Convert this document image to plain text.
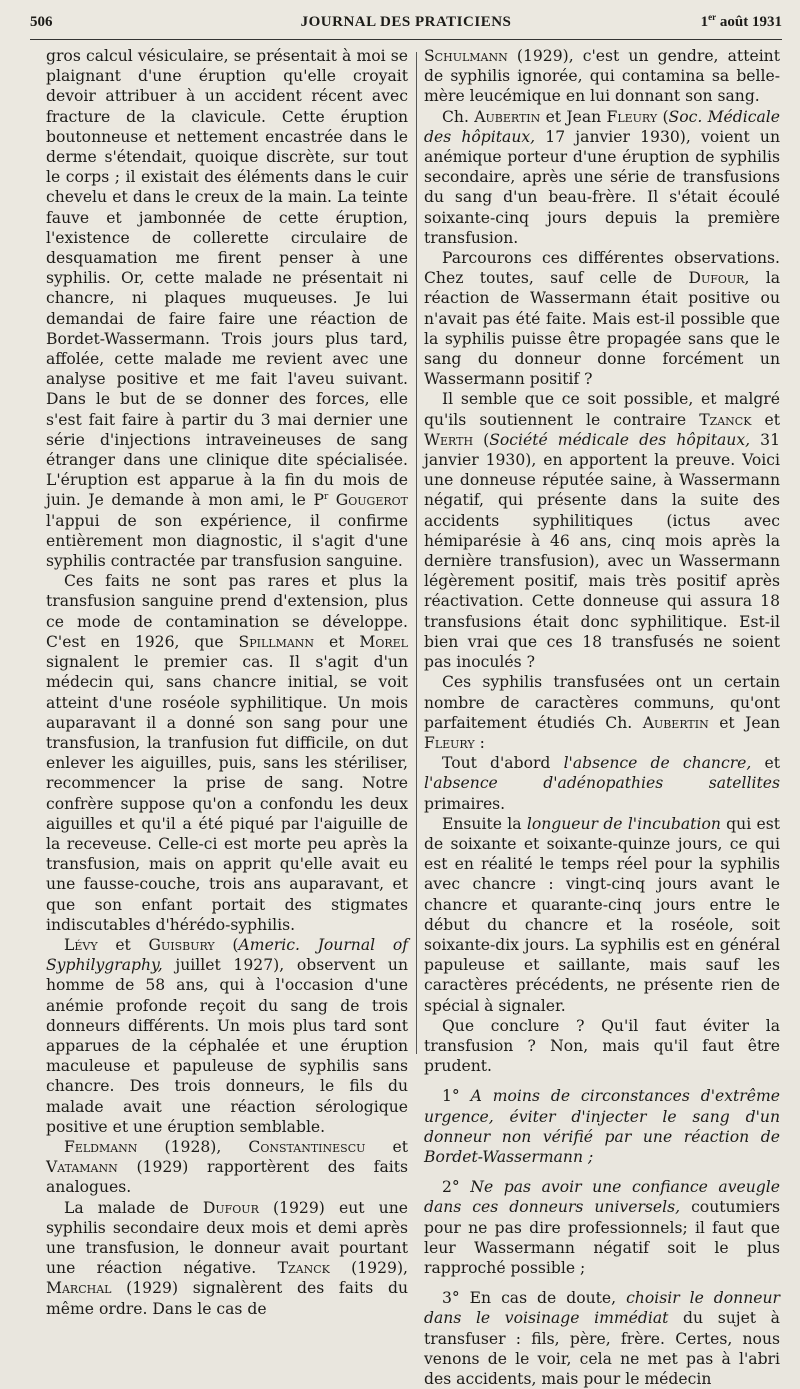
506	JOURNAL DES PRATICIENS	1er août 1931

gros calcul vésiculaire, se présentait à moi se plaignant d'une éruption qu'elle croyait devoir attribuer à un accident récent avec fracture de la clavicule. Cette éruption boutonneuse et nettement encastrée dans le derme s'étendait, quoique discrète, sur tout le corps ; il existait des éléments dans le cuir chevelu et dans le creux de la main. La teinte fauve et jambonnée de cette éruption, l'existence de collerette circulaire de desquamation me firent penser à une syphilis. Or, cette malade ne présentait ni chancre, ni plaques muqueuses. Je lui demandai de faire faire une réaction de Bordet-Wassermann. Trois jours plus tard, affolée, cette malade me revient avec une analyse positive et me fait l'aveu suivant. Dans le but de se donner des forces, elle s'est fait faire à partir du 3 mai dernier une série d'injections intraveineuses de sang étranger dans une clinique dite spécialisée. L'éruption est apparue à la fin du mois de juin. Je demande à mon ami, le $P^r$ Gougerot l'appui de son expérience, il confirme entièrement mon diagnostic, il s'agit d'une syphilis contractée par transfusion sanguine.

Ces faits ne sont pas rares et plus la transfusion sanguine prend d'extension, plus ce mode de contamination se développe. C'est en 1926, que Spillmann et Morel signalent le premier cas. Il s'agit d'un médecin qui, sans chancre initial, se voit atteint d'une roséole syphilitique. Un mois auparavant il a donné son sang pour une transfusion, la tranfusion fut difficile, on dut enlever les aiguilles, puis, sans les stériliser, recommencer la prise de sang. Notre confrère suppose qu'on a confondu les deux aiguilles et qu'il a été piqué par l'aiguille de la receveuse. Celle-ci est morte peu après la transfusion, mais on apprit qu'elle avait eu une fausse-couche, trois ans auparavant, et que son enfant portait des stigmates indiscutables d'hérédo-syphilis.

Lévy et Guisbury (Americ. Journal of Syphilygraphy, juillet 1927), observent un homme de 58 ans, qui à l'occasion d'une anémie profonde reçoit du sang de trois donneurs différents. Un mois plus tard sont apparues de la céphalée et une éruption maculeuse et papuleuse de syphilis sans chancre. Des trois donneurs, le fils du malade avait une réaction sérologique positive et une éruption semblable.

Feldmann (1928), Constantinescu et Vatamann (1929) rapportèrent des faits analogues.

La malade de Dufour (1929) eut une syphilis secondaire deux mois et demi après une transfusion, le donneur avait pourtant une réaction négative. Tzanck (1929), Marchal (1929) signalèrent des faits du même ordre. Dans le cas de

Schulmann (1929), c'est un gendre, atteint de syphilis ignorée, qui contamina sa belle-mère leucémique en lui donnant son sang.

Ch. Aubertin et Jean Fleury (Soc. Médicale des hôpitaux, 17 janvier 1930), voient un anémique porteur d'une éruption de syphilis secondaire, après une série de transfusions du sang d'un beau-frère. Il s'était écoulé soixante-cinq jours depuis la première transfusion.

Parcourons ces différentes observations. Chez toutes, sauf celle de Dufour, la réaction de Wassermann était positive ou n'avait pas été faite. Mais est-il possible que la syphilis puisse être propagée sans que le sang du donneur donne forcément un Wassermann positif ?

Il semble que ce soit possible, et malgré qu'ils soutiennent le contraire Tzanck et Werth (Société médicale des hôpitaux, 31 janvier 1930), en apportent la preuve. Voici une donneuse réputée saine, à Wassermann négatif, qui présente dans la suite des accidents syphilitiques (ictus avec hémiparésie à 46 ans, cinq mois après la dernière transfusion), avec un Wassermann légèrement positif, mais très positif après réactivation. Cette donneuse qui assura 18 transfusions était donc syphilitique. Est-il bien vrai que ces 18 transfusés ne soient pas inoculés ?

Ces syphilis transfusées ont un certain nombre de caractères communs, qu'ont parfaitement étudiés Ch. Aubertin et Jean Fleury :

Tout d'abord l'absence de chancre, et l'absence d'adénopathies satellites primaires.

Ensuite la longueur de l'incubation qui est de soixante et soixante-quinze jours, ce qui est en réalité le temps réel pour la syphilis avec chancre : vingt-cinq jours avant le chancre et quarante-cinq jours entre le début du chancre et la roséole, soit soixante-dix jours. La syphilis est en général papuleuse et saillante, mais sauf les caractères précédents, ne présente rien de spécial à signaler.

Que conclure ? Qu'il faut éviter la transfusion ? Non, mais qu'il faut être prudent.

1° A moins de circonstances d'extrême urgence, éviter d'injecter le sang d'un donneur non vérifié par une réaction de Bordet-Wassermann ;

2° Ne pas avoir une confiance aveugle dans ces donneurs universels, coutumiers pour ne pas dire professionnels; il faut que leur Wassermann négatif soit le plus rapproché possible ;

3° En cas de doute, choisir le donneur dans le voisinage immédiat du sujet à transfuser : fils, père, frère. Certes, nous venons de le voir, cela ne met pas à l'abri des accidents, mais pour le médecin
